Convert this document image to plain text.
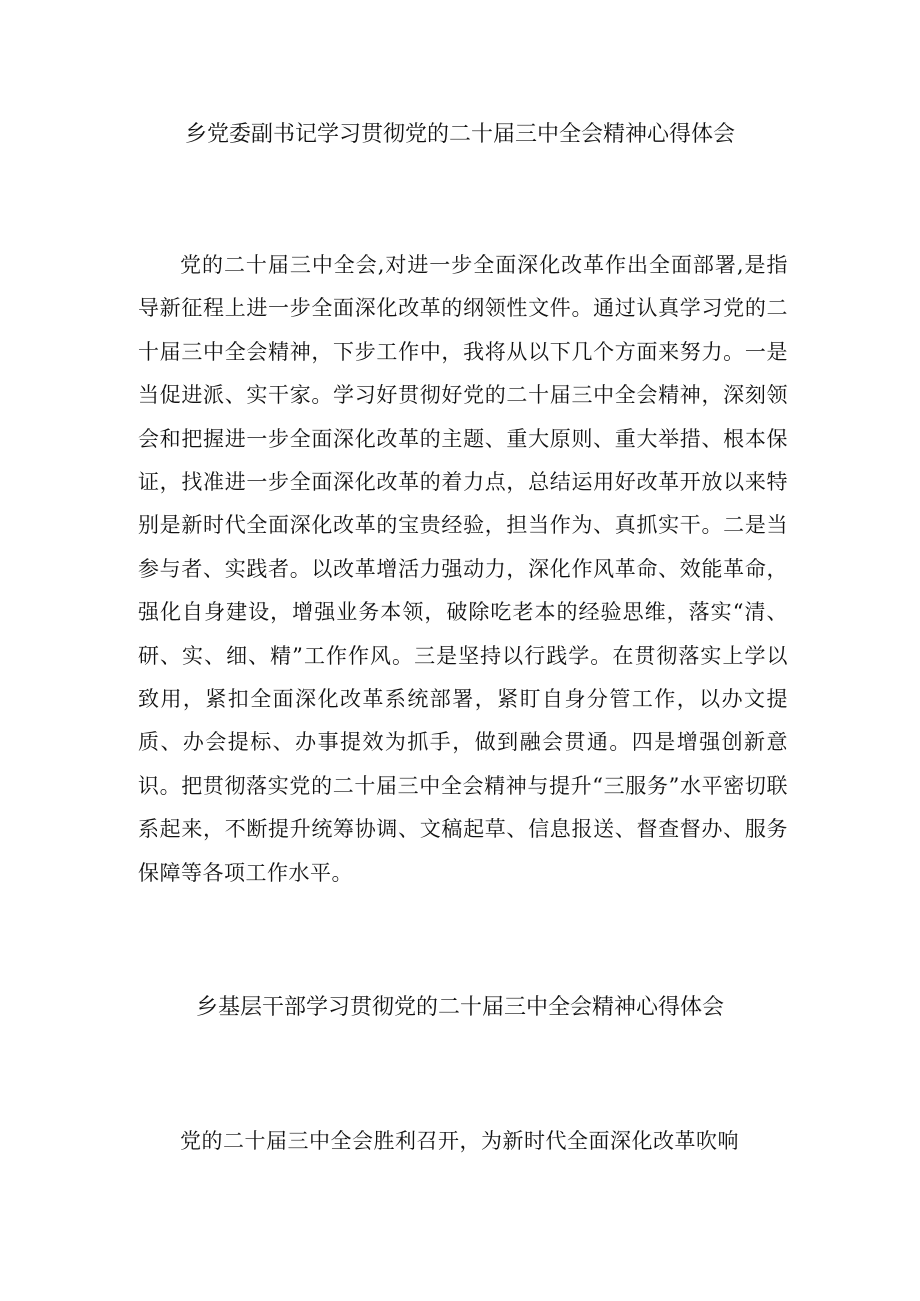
乡党委副书记学习贯彻党的二十届三中全会精神心得体会

党的二十届三中全会,对进一步全面深化改革作出全面部署,是指导新征程上进一步全面深化改革的纲领性文件。通过认真学习党的二十届三中全会精神，下步工作中，我将从以下几个方面来努力。一是当促进派、实干家。学习好贯彻好党的二十届三中全会精神，深刻领会和把握进一步全面深化改革的主题、重大原则、重大举措、根本保证，找准进一步全面深化改革的着力点，总结运用好改革开放以来特别是新时代全面深化改革的宝贵经验，担当作为、真抓实干。二是当参与者、实践者。以改革增活力强动力，深化作风革命、效能革命，强化自身建设，增强业务本领，破除吃老本的经验思维，落实“清、研、实、细、精”工作作风。三是坚持以行践学。在贯彻落实上学以致用，紧扣全面深化改革系统部署，紧盯自身分管工作，以办文提质、办会提标、办事提效为抓手，做到融会贯通。四是增强创新意识。把贯彻落实党的二十届三中全会精神与提升“三服务”水平密切联系起来，不断提升统筹协调、文稿起草、信息报送、督查督办、服务保障等各项工作水平。

乡基层干部学习贯彻党的二十届三中全会精神心得体会

党的二十届三中全会胜利召开，为新时代全面深化改革吹响
